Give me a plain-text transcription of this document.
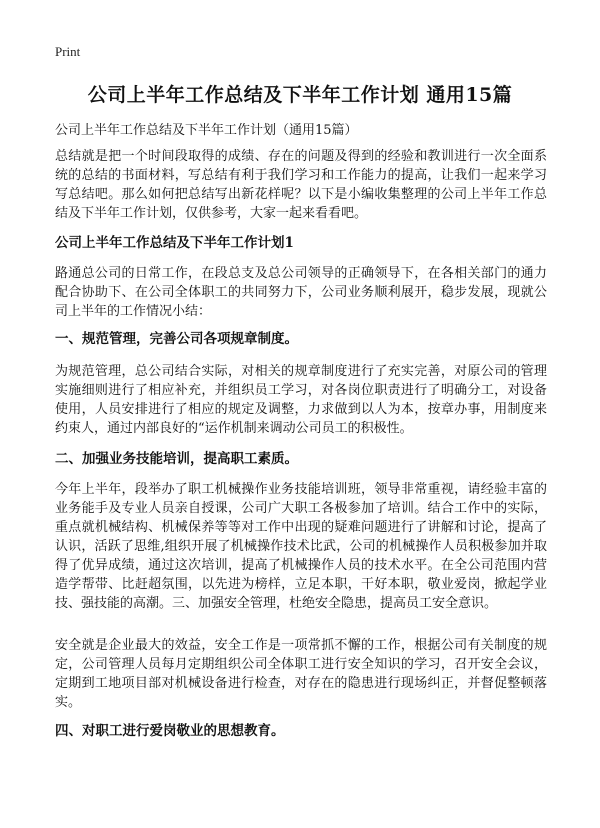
Print
公司上半年工作总结及下半年工作计划 通用15篇

公司上半年工作总结及下半年工作计划（通用15篇）

总结就是把一个时间段取得的成绩、存在的问题及得到的经验和教训进行一次全面系统的总结的书面材料，写总结有利于我们学习和工作能力的提高，让我们一起来学习写总结吧。那么如何把总结写出新花样呢？以下是小编收集整理的公司上半年工作总结及下半年工作计划，仅供参考，大家一起来看看吧。

公司上半年工作总结及下半年工作计划1

路通总公司的日常工作，在段总支及总公司领导的正确领导下，在各相关部门的通力配合协助下、在公司全体职工的共同努力下，公司业务顺利展开，稳步发展，现就公司上半年的工作情况小结：

一、规范管理，完善公司各项规章制度。

为规范管理，总公司结合实际，对相关的规章制度进行了充实完善，对原公司的管理实施细则进行了相应补充，并组织员工学习，对各岗位职责进行了明确分工，对设备使用，人员安排进行了相应的规定及调整，力求做到以人为本，按章办事，用制度来约束人，通过内部良好的“运作机制来调动公司员工的积极性。

二、加强业务技能培训，提高职工素质。

今年上半年，段举办了职工机械操作业务技能培训班，领导非常重视，请经验丰富的业务能手及专业人员亲自授课，公司广大职工各极参加了培训。结合工作中的实际，重点就机械结构、机械保养等等对工作中出现的疑难问题进行了讲解和讨论，提高了认识，活跃了思维,组织开展了机械操作技术比武，公司的机械操作人员积极参加并取得了优异成绩，通过这次培训，提高了机械操作人员的技术水平。在全公司范围内营造学帮带、比赶超氛围，以先进为榜样，立足本职，干好本职，敬业爱岗，掀起学业技、强技能的高潮。三、加强安全管理，杜绝安全隐患，提高员工安全意识。

安全就是企业最大的效益，安全工作是一项常抓不懈的工作，根据公司有关制度的规定，公司管理人员每月定期组织公司全体职工进行安全知识的学习，召开安全会议，定期到工地项目部对机械设备进行检查，对存在的隐患进行现场纠正，并督促整顿落实。

四、对职工进行爱岗敬业的思想教育。
